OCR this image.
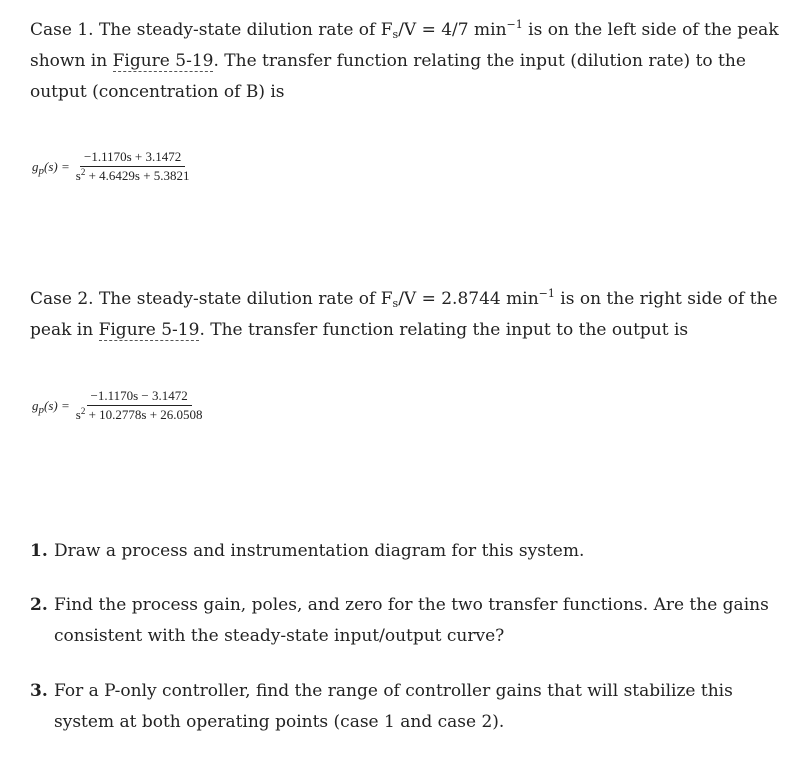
Case 1. The steady-state dilution rate of $F_s/V = 4/7$ $\min^{-1}$ is on the left side of the peak shown in Figure 5-19. The transfer function relating the input (dilution rate) to the output (concentration of B) is

$g_p(s) = \frac{-1.1170s + 3.1472}{s^2 + 4.6429s + 5.3821}$

Case 2. The steady-state dilution rate of $F_s/V = 2.8744$ $\min^{-1}$ is on the right side of the peak in Figure 5-19. The transfer function relating the input to the output is

$g_p(s) = \frac{-1.1170s - 3.1472}{s^2 + 10.2778s + 26.0508}$
1. Draw a process and instrumentation diagram for this system.
2. Find the process gain, poles, and zero for the two transfer functions. Are the gains consistent with the steady-state input/output curve?
3. For a P-only controller, find the range of controller gains that will stabilize this system at both operating points (case 1 and case 2).
